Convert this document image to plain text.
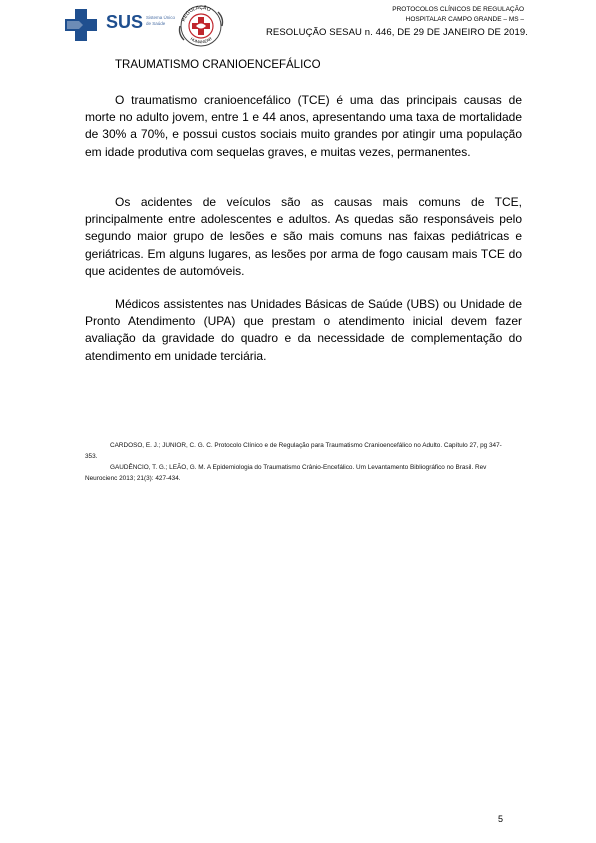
SUS Sistema Único de Saúde
REGULAÇÃO
HUMANIZAR
PROTOCOLOS CLÍNICOS DE REGULAÇÃO
HOSPITALAR CAMPO GRANDE – MS –
RESOLUÇÃO SESAU n. 446, DE 29 DE JANEIRO DE 2019.
TRAUMATISMO CRANIOENCEFÁLICO

O traumatismo cranioencefálico (TCE) é uma das principais causas de morte no adulto jovem, entre 1 e 44 anos, apresentando uma taxa de mortalidade de 30% a 70%, e possui custos sociais muito grandes por atingir uma população em idade produtiva com sequelas graves, e muitas vezes, permanentes.

Os acidentes de veículos são as causas mais comuns de TCE, principalmente entre adolescentes e adultos. As quedas são responsáveis pelo segundo maior grupo de lesões e são mais comuns nas faixas pediátricas e geriátricas. Em alguns lugares, as lesões por arma de fogo causam mais TCE do que acidentes de automóveis.

Médicos assistentes nas Unidades Básicas de Saúde (UBS) ou Unidade de Pronto Atendimento (UPA) que prestam o atendimento inicial devem fazer avaliação da gravidade do quadro e da necessidade de complementação do atendimento em unidade terciária.

CARDOSO, E. J.; JUNIOR, C. G. C. Protocolo Clínico e de Regulação para Traumatismo Cranioencefálico no Adulto. Capítulo 27, pg 347-353.

GAUDÊNCIO, T. G.; LEÃO, G. M. A Epidemiologia do Traumatismo Crânio-Encefálico. Um Levantamento Bibliográfico no Brasil. Rev Neurocienc 2013; 21(3): 427-434.

5
